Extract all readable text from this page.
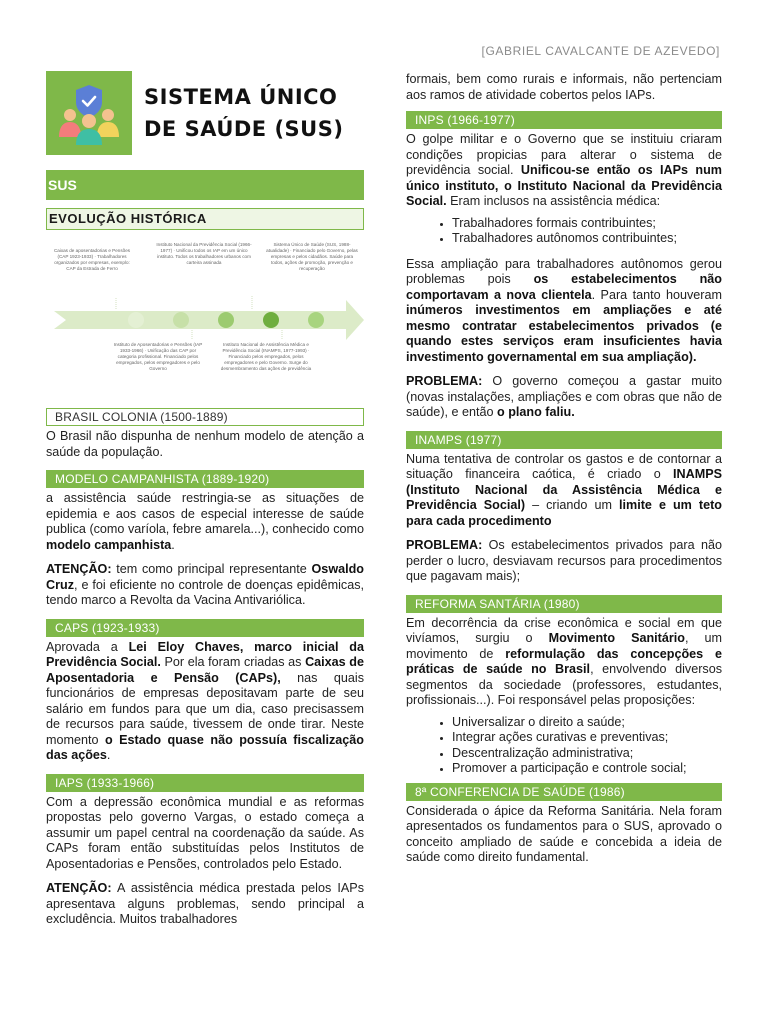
[GABRIEL CAVALCANTE DE AZEVEDO]
SISTEMA ÚNICO
DE SAÚDE (SUS)
SUS
EVOLUÇÃO HISTÓRICA
Caixas de aposentadorias e Pensões (CAP 1923-1933) · Trabalhadores organizados por empresas, exemplo: CAP da Estrada de Ferro
Instituto Nacional da Previdência Social (1966-1977) · Unificou todos os IAP em um único instituto. Todos os trabalhadores urbanos com carteira assinada
Sistema Único de Saúde (SUS, 1988-atualidade) · Financiado pelo Governo, pelas empresas e pelos cidadãos. Saúde para todos, ações de promoção, prevenção e recuperação
Instituto de Aposentadorias e Pensões (IAP 1933-1966) · Unificação das CAP por categoria profissional. Financiado pelos empregados, pelos empregadores e pelo Governo
Instituto Nacional de Assistência Médica e Previdência Social (INAMPS, 1977-1993) · Financiado pelos empregados, pelos empregadores e pelo Governo. Surge do desmembramento das ações de previdência
BRASIL COLONIA (1500-1889)

O Brasil não dispunha de nenhum modelo de atenção a saúde da população.

MODELO CAMPANHISTA (1889-1920)

a assistência saúde restringia-se as situações de epidemia e aos casos de especial interesse de saúde publica (como varíola, febre amarela...), conhecido como modelo campanhista.

ATENÇÃO: tem como principal representante Oswaldo Cruz, e foi eficiente no controle de doenças epidêmicas, tendo marco a Revolta da Vacina Antivariólica.

CAPS (1923-1933)

Aprovada a Lei Eloy Chaves, marco inicial da Previdência Social. Por ela foram criadas as Caixas de Aposentadoria e Pensão (CAPs), nas quais funcionários de empresas depositavam parte de seu salário em fundos para que um dia, caso precisassem de recursos para saúde, tivessem de onde tirar. Neste momento o Estado quase não possuía fiscalização das ações.

IAPS (1933-1966)

Com a depressão econômica mundial e as reformas propostas pelo governo Vargas, o estado começa a assumir um papel central na coordenação da saúde. As CAPs foram então substituídas pelos Institutos de Aposentadorias e Pensões, controlados pelo Estado.

ATENÇÃO: A assistência médica prestada pelos IAPs apresentava alguns problemas, sendo principal a excludência. Muitos trabalhadores

formais, bem como rurais e informais, não pertenciam aos ramos de atividade cobertos pelos IAPs.

INPS (1966-1977)

O golpe militar e o Governo que se instituiu criaram condições propicias para alterar o sistema de previdência social. Unificou-se então os IAPs num único instituto, o Instituto Nacional da Previdência Social. Eram inclusos na assistência médica:

• Trabalhadores formais contribuintes;
• Trabalhadores autônomos contribuintes;

Essa ampliação para trabalhadores autônomos gerou problemas pois os estabelecimentos não comportavam a nova clientela. Para tanto houveram inúmeros investimentos em ampliações e até mesmo contratar estabelecimentos privados (e quando estes serviços eram insuficientes havia investimento governamental em sua ampliação).

PROBLEMA: O governo começou a gastar muito (novas instalações, ampliações e com obras que não de saúde), e então o plano faliu.

INAMPS (1977)

Numa tentativa de controlar os gastos e de contornar a situação financeira caótica, é criado o INAMPS (Instituto Nacional da Assistência Médica e Previdência Social) – criando um limite e um teto para cada procedimento

PROBLEMA: Os estabelecimentos privados para não perder o lucro, desviavam recursos para procedimentos que pagavam mais);

REFORMA SANTÁRIA (1980)

Em decorrência da crise econômica e social em que vivíamos, surgiu o Movimento Sanitário, um movimento de reformulação das concepções e práticas de saúde no Brasil, envolvendo diversos segmentos da sociedade (professores, estudantes, profissionais...). Foi responsável pelas proposições:

• Universalizar o direito a saúde;
• Integrar ações curativas e preventivas;
• Descentralização administrativa;
• Promover a participação e controle social;
8ª CONFERENCIA DE SAÚDE (1986)

Considerada o ápice da Reforma Sanitária. Nela foram apresentados os fundamentos para o SUS, aprovado o conceito ampliado de saúde e concebida a ideia de saúde como direito fundamental.
